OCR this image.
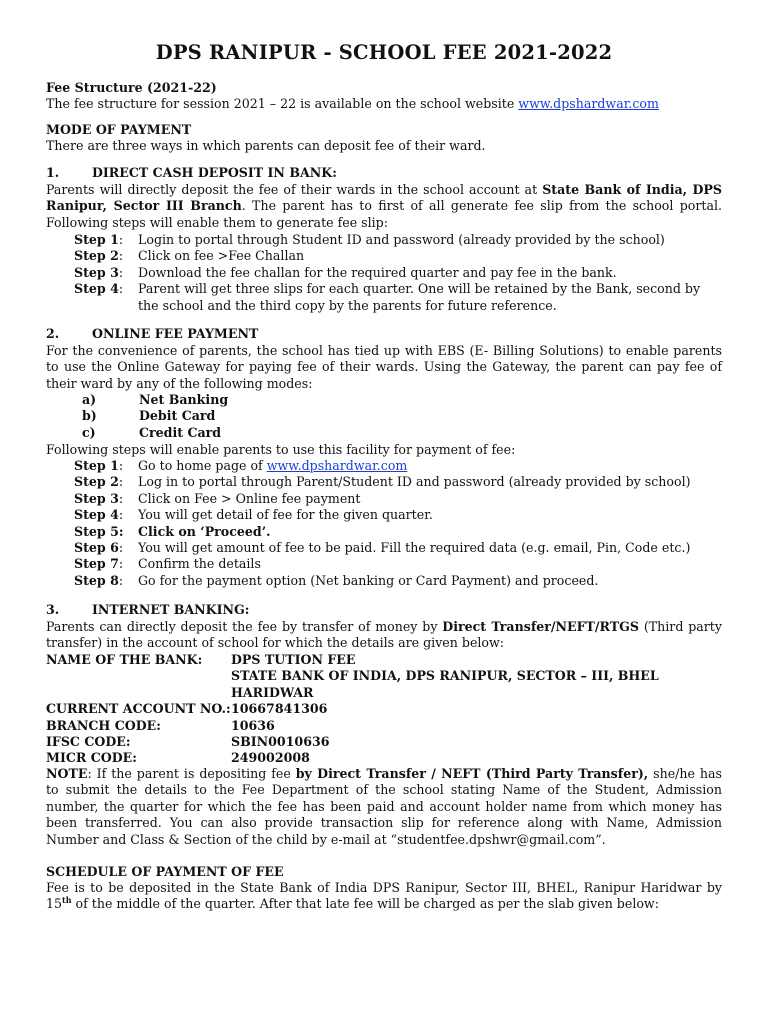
DPS RANIPUR - SCHOOL FEE 2021-2022
Fee Structure (2021-22)
The fee structure for session 2021 – 22 is available on the school website www.dpshardwar.com
MODE OF PAYMENT
There are three ways in which parents can deposit fee of their ward.
1.	DIRECT CASH DEPOSIT IN BANK:
Parents will directly deposit the fee of their wards in the school account at State Bank of India, DPS Ranipur, Sector III Branch. The parent has to first of all generate fee slip from the school portal. Following steps will enable them to generate fee slip:
Step 1:	Login to portal through Student ID and password (already provided by the school)
Step 2:	Click on fee >Fee Challan
Step 3:	Download the fee challan for the required quarter and pay fee in the bank.
Step 4:	Parent will get three slips for each quarter. One will be retained by the Bank, second by the school and the third copy by the parents for future reference.
2.	ONLINE FEE PAYMENT
For the convenience of parents, the school has tied up with EBS (E- Billing Solutions) to enable parents to use the Online Gateway for paying fee of their wards. Using the Gateway, the parent can pay fee of their ward by any of the following modes:
a)	Net Banking
b)	Debit Card
c)	Credit Card
Following steps will enable parents to use this facility for payment of fee:
Step 1:	Go to home page of www.dpshardwar.com
Step 2:	Log in to portal through Parent/Student ID and password (already provided by school)
Step 3:	Click on Fee > Online fee payment
Step 4:	You will get detail of fee for the given quarter.
Step 5:	Click on ‘Proceed’.
Step 6:	You will get amount of fee to be paid. Fill the required data (e.g. email, Pin, Code etc.)
Step 7:	Confirm the details
Step 8:	Go for the payment option (Net banking or Card Payment) and proceed.
3.	INTERNET BANKING:
Parents can directly deposit the fee by transfer of money by Direct Transfer/NEFT/RTGS (Third party transfer) in the account of school for which the details are given below:
NAME OF THE BANK:	DPS TUTION FEE
STATE BANK OF INDIA, DPS RANIPUR, SECTOR – III, BHEL HARIDWAR
CURRENT ACCOUNT NO.: 10667841306
BRANCH CODE:	10636
IFSC CODE:	SBIN0010636
MICR CODE:	249002008
NOTE: If the parent is depositing fee by Direct Transfer / NEFT (Third Party Transfer), she/he has to submit the details to the Fee Department of the school stating Name of the Student, Admission number, the quarter for which the fee has been paid and account holder name from which money has been transferred. You can also provide transaction slip for reference along with Name, Admission Number and Class & Section of the child by e-mail at “studentfee.dpshwr@gmail.com”.
SCHEDULE OF PAYMENT OF FEE
Fee is to be deposited in the State Bank of India DPS Ranipur, Sector III, BHEL, Ranipur Haridwar by 15th of the middle of the quarter. After that late fee will be charged as per the slab given below:
